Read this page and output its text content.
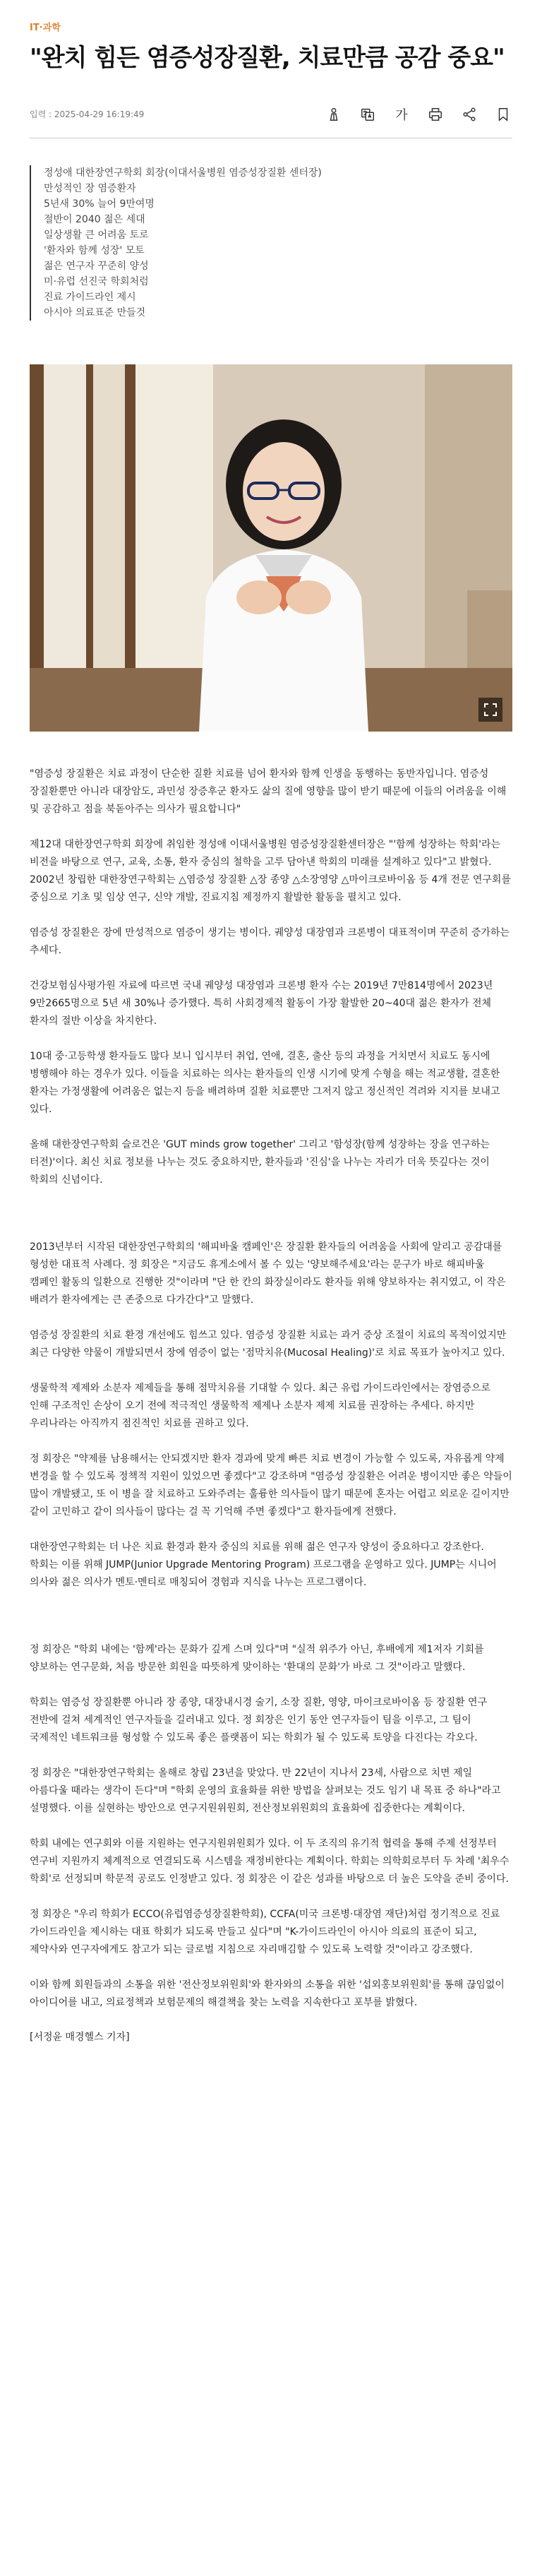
IT·과학
"완치 힘든 염증성장질환, 치료만큼 공감 중요"
입력 : 2025-04-29 16:19:49	가
정성애 대한장연구학회 회장(이대서울병원 염증성장질환 센터장)
만성적인 장 염증환자
5년새 30% 늘어 9만여명
절반이 2040 젊은 세대
일상생활 큰 어려움 토로
'환자와 함께 성장' 모토
젊은 연구자 꾸준히 양성
미·유럽 선진국 학회처럼
진료 가이드라인 제시
아시아 의료표준 만들것

"염증성 장질환은 치료 과정이 단순한 질환 치료를 넘어 환자와 함께 인생을 동행하는 동반자입니다. 염증성 장질환뿐만 아니라 대장암도, 과민성 장증후군 환자도 삶의 질에 영향을 많이 받기 때문에 이들의 어려움을 이해 및 공감하고 점을 북돋아주는 의사가 필요합니다"

제12대 대한장연구학회 회장에 취임한 정성애 이대서울병원 염증성장질환센터장은 "'함께 성장하는 학회'라는 비전을 바탕으로 연구, 교육, 소통, 환자 중심의 철학을 고루 담아낸 학회의 미래를 설계하고 있다"고 밝혔다. 2002년 창립한 대한장연구학회는 △염증성 장질환 △장 종양 △소장영양 △마이크로바이옴 등 4개 전문 연구회를 중심으로 기초 및 임상 연구, 신약 개발, 진료지침 제정까지 활발한 활동을 펼치고 있다.

염증성 장질환은 장에 만성적으로 염증이 생기는 병이다. 궤양성 대장염과 크론병이 대표적이며 꾸준히 증가하는 추세다.

건강보험심사평가원 자료에 따르면 국내 궤양성 대장염과 크론병 환자 수는 2019년 7만814명에서 2023년 9만2665명으로 5년 새 30%나 증가했다. 특히 사회경제적 활동이 가장 활발한 20~40대 젊은 환자가 전체 환자의 절반 이상을 차지한다.

10대 중·고등학생 환자들도 많다 보니 입시부터 취업, 연애, 결혼, 출산 등의 과정을 거치면서 치료도 동시에 병행해야 하는 경우가 있다. 이들을 치료하는 의사는 환자들의 인생 시기에 맞게 수형을 해는 적교생활, 결혼한 환자는 가정생활에 어려움은 없는지 등을 배려하며 질환 치료뿐만 그저지 않고 정신적인 격려와 지지를 보내고 있다.

올해 대한장연구학회 슬로건은 'GUT minds grow together' 그리고 '함성장(함께 성장하는 장을 연구하는 터전)'이다. 최신 치료 정보를 나누는 것도 중요하지만, 환자들과 '진심'을 나누는 자리가 더욱 뜻깊다는 것이 학회의 신념이다.

2013년부터 시작된 대한장연구학회의 '해피바울 캠페인'은 장질환 환자들의 어려움을 사회에 알리고 공감대를 형성한 대표적 사례다. 정 회장은 "지금도 휴게소에서 볼 수 있는 '양보해주세요'라는 문구가 바로 해피바울 캠페인 활동의 일환으로 진행한 것"이라며 "단 한 칸의 화장실이라도 환자들 위해 양보하자는 취지였고, 이 작은 배려가 환자에게는 큰 존중으로 다가간다"고 말했다.

염증성 장질환의 치료 환경 개선에도 힘쓰고 있다. 염증성 장질환 치료는 과거 증상 조절이 치료의 목적이었지만 최근 다양한 약물이 개발되면서 장에 염증이 없는 '점막치유(Mucosal Healing)'로 치료 목표가 높아지고 있다.

생물학적 제제와 소분자 제제들을 통해 점막치유를 기대할 수 있다. 최근 유럽 가이드라인에서는 장염증으로 인해 구조적인 손상이 오기 전에 적극적인 생물학적 제제나 소분자 제제 치료를 권장하는 추세다. 하지만 우리나라는 아직까지 점진적인 치료를 권하고 있다.

정 회장은 "약제를 남용해서는 안되겠지만 환자 경과에 맞게 빠른 치료 변경이 가능할 수 있도록, 자유롭게 약제 변경을 할 수 있도록 정책적 지원이 있었으면 좋겠다"고 강조하며 "염증성 장질환은 어려운 병이지만 좋은 약들이 많이 개발됐고, 또 이 병을 잘 치료하고 도와주려는 훌륭한 의사들이 많기 때문에 혼자는 어렵고 외로운 길이지만 같이 고민하고 같이 의사들이 많다는 걸 꼭 기억해 주면 좋겠다"고 환자들에게 전했다.

대한장연구학회는 더 나은 치료 환경과 환자 중심의 치료를 위해 젊은 연구자 양성이 중요하다고 강조한다. 학회는 이를 위해 JUMP(Junior Upgrade Mentoring Program) 프로그램을 운영하고 있다. JUMP는 시니어 의사와 젊은 의사가 멘토·멘티로 매칭되어 경험과 지식을 나누는 프로그램이다.

정 회장은 "학회 내에는 '함께'라는 문화가 깊게 스며 있다"며 "실적 위주가 아닌, 후배에게 제1저자 기회를 양보하는 연구문화, 처음 방문한 회원을 따뜻하게 맞이하는 '환대의 문화'가 바로 그 것"이라고 말했다.

학회는 염증성 장질환뿐 아니라 장 종양, 대장내시경 술기, 소장 질환, 영양, 마이크로바이옴 등 장질환 연구 전반에 걸쳐 세계적인 연구자들을 길러내고 있다. 정 회장은 인기 동안 연구자들이 팀을 이루고, 그 팀이 국제적인 네트워크를 형성할 수 있도록 좋은 플랫폼이 되는 학회가 될 수 있도록 토양을 다진다는 각오다.

정 회장은 "대한장연구학회는 올해로 창립 23년을 맞았다. 만 22년이 지나서 23세, 사람으로 치면 제일 아름다울 때라는 생각이 든다"며 "학회 운영의 효율화를 위한 방법을 살펴보는 것도 임기 내 목표 중 하나"라고 설명했다. 이를 실현하는 방안으로 연구지원위원회, 전산정보위원회의 효율화에 집중한다는 계획이다.

학회 내에는 연구회와 이를 지원하는 연구지원위원회가 있다. 이 두 조직의 유기적 협력을 통해 주제 선정부터 연구비 지원까지 체계적으로 연결되도록 시스템을 재정비한다는 계획이다. 학회는 의학회로부터 두 차례 '최우수 학회'로 선정되며 학문적 공로도 인정받고 있다. 정 회장은 이 같은 성과를 바탕으로 더 높은 도약을 준비 중이다.

정 회장은 "우리 학회가 ECCO(유럽염증성장질환학회), CCFA(미국 크론병·대장염 재단)처럼 정기적으로 진료 가이드라인을 제시하는 대표 학회가 되도록 만들고 싶다"며 "K-가이드라인이 아시아 의료의 표준이 되고, 제약사와 연구자에게도 참고가 되는 글로벌 지침으로 자리매김할 수 있도록 노력할 것"이라고 강조했다.

이와 함께 회원들과의 소통을 위한 '전산정보위원회'와 환자와의 소통을 위한 '섭외홍보위원회'를 통해 끊임없이 아이디어를 내고, 의료정책과 보험문제의 해결책을 찾는 노력을 지속한다고 포부를 밝혔다.

[서정윤 매경헬스 기자]
